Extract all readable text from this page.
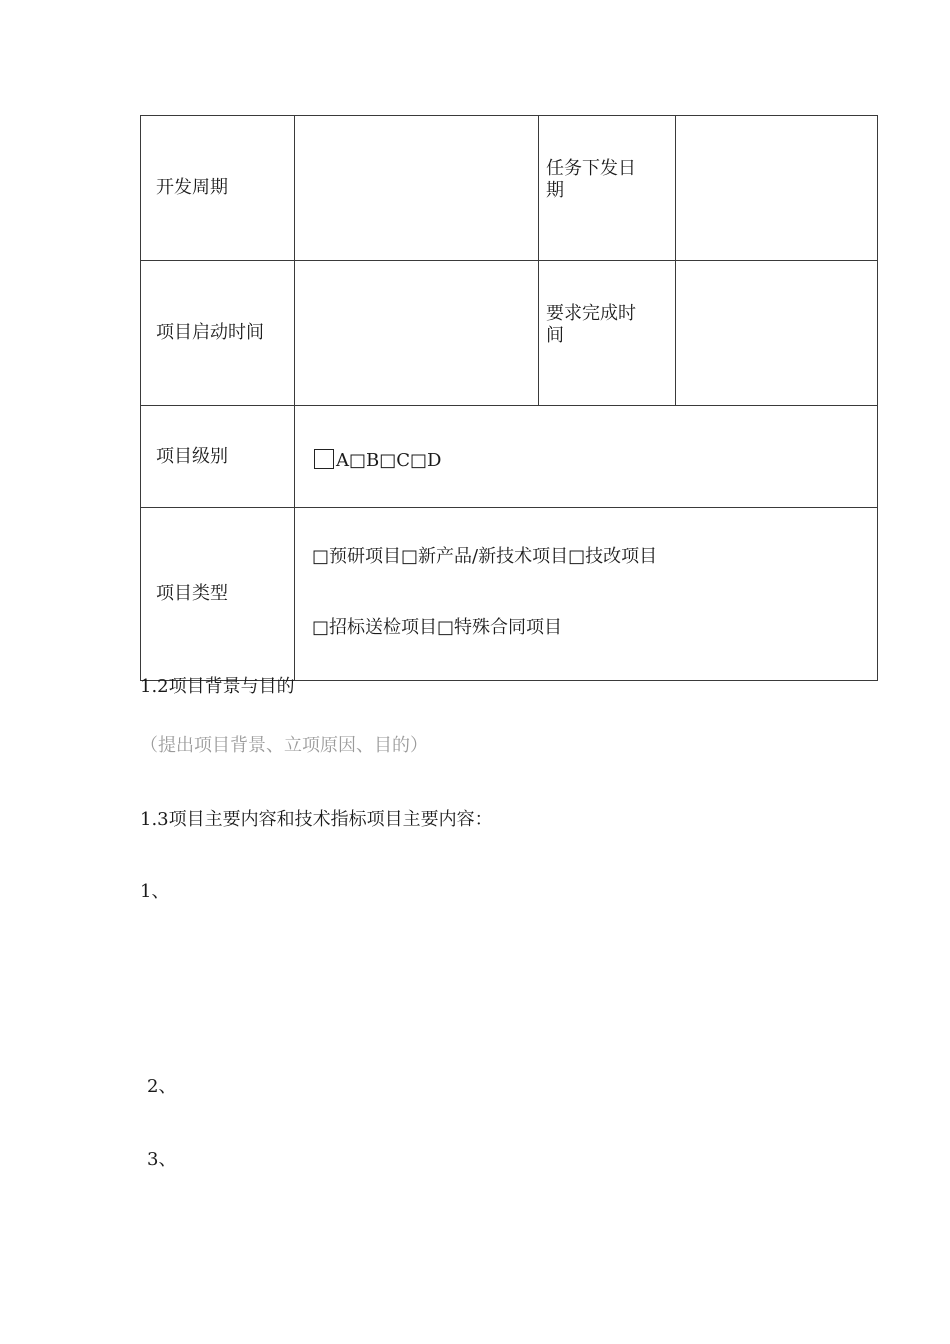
开发周期		任务下发日
期	

项目启动时间		要求完成时
间	

项目级别	A□B□C□D		
项目类型	□预研项目□新产品/新技术项目□技改项目
□招标送检项目□特殊合同项目		
1.2项目背景与目的
（提出项目背景、立项原因、目的）
1.3项目主要内容和技术指标项目主要内容：
1、
2、
3、
